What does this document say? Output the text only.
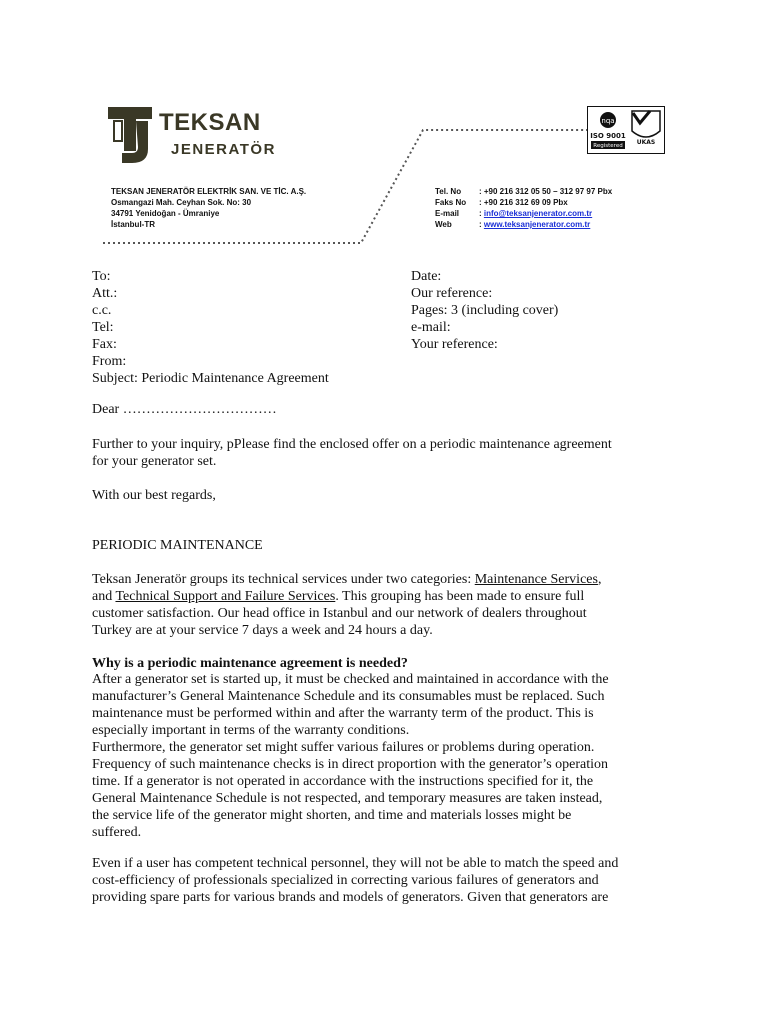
TEKSAN
JENERATÖR
TEKSAN JENERATÖR ELEKTRİK SAN. VE TİC. A.Ş.
Osmangazi Mah. Ceyhan Sok. No: 30
34791 Yenidoğan - Ümraniye
İstanbul-TR
Tel. No : +90 216 312 05 50 – 312 97 97 Pbx
Faks No : +90 216 312 69 09 Pbx
E-mail : info@teksanjenerator.com.tr
Web	: www.teksanjenerator.com.tr
nqa
ISO 9001
Registered UKAS
To:
Att.:
c.c.
Tel:
Fax:
From:
Subject: Periodic Maintenance Agreement
Date:
Our reference:
Pages: 3 (including cover)
e-mail:
Your reference:
Dear ……………………………
Further to your inquiry, pPlease find the enclosed offer on a periodic maintenance agreement
for your generator set.
With our best regards,
PERIODIC MAINTENANCE
Teksan Jeneratör groups its technical services under two categories: Maintenance Services,
and Technical Support and Failure Services. This grouping has been made to ensure full
customer satisfaction. Our head office in Istanbul and our network of dealers throughout
Turkey are at your service 7 days a week and 24 hours a day.
Why is a periodic maintenance agreement is needed?
After a generator set is started up, it must be checked and maintained in accordance with the
manufacturer’s General Maintenance Schedule and its consumables must be replaced. Such
maintenance must be performed within and after the warranty term of the product. This is
especially important in terms of the warranty conditions.
Furthermore, the generator set might suffer various failures or problems during operation.
Frequency of such maintenance checks is in direct proportion with the generator’s operation
time. If a generator is not operated in accordance with the instructions specified for it, the
General Maintenance Schedule is not respected, and temporary measures are taken instead,
the service life of the generator might shorten, and time and materials losses might be
suffered.
Even if a user has competent technical personnel, they will not be able to match the speed and
cost-efficiency of professionals specialized in correcting various failures of generators and
providing spare parts for various brands and models of generators. Given that generators are
